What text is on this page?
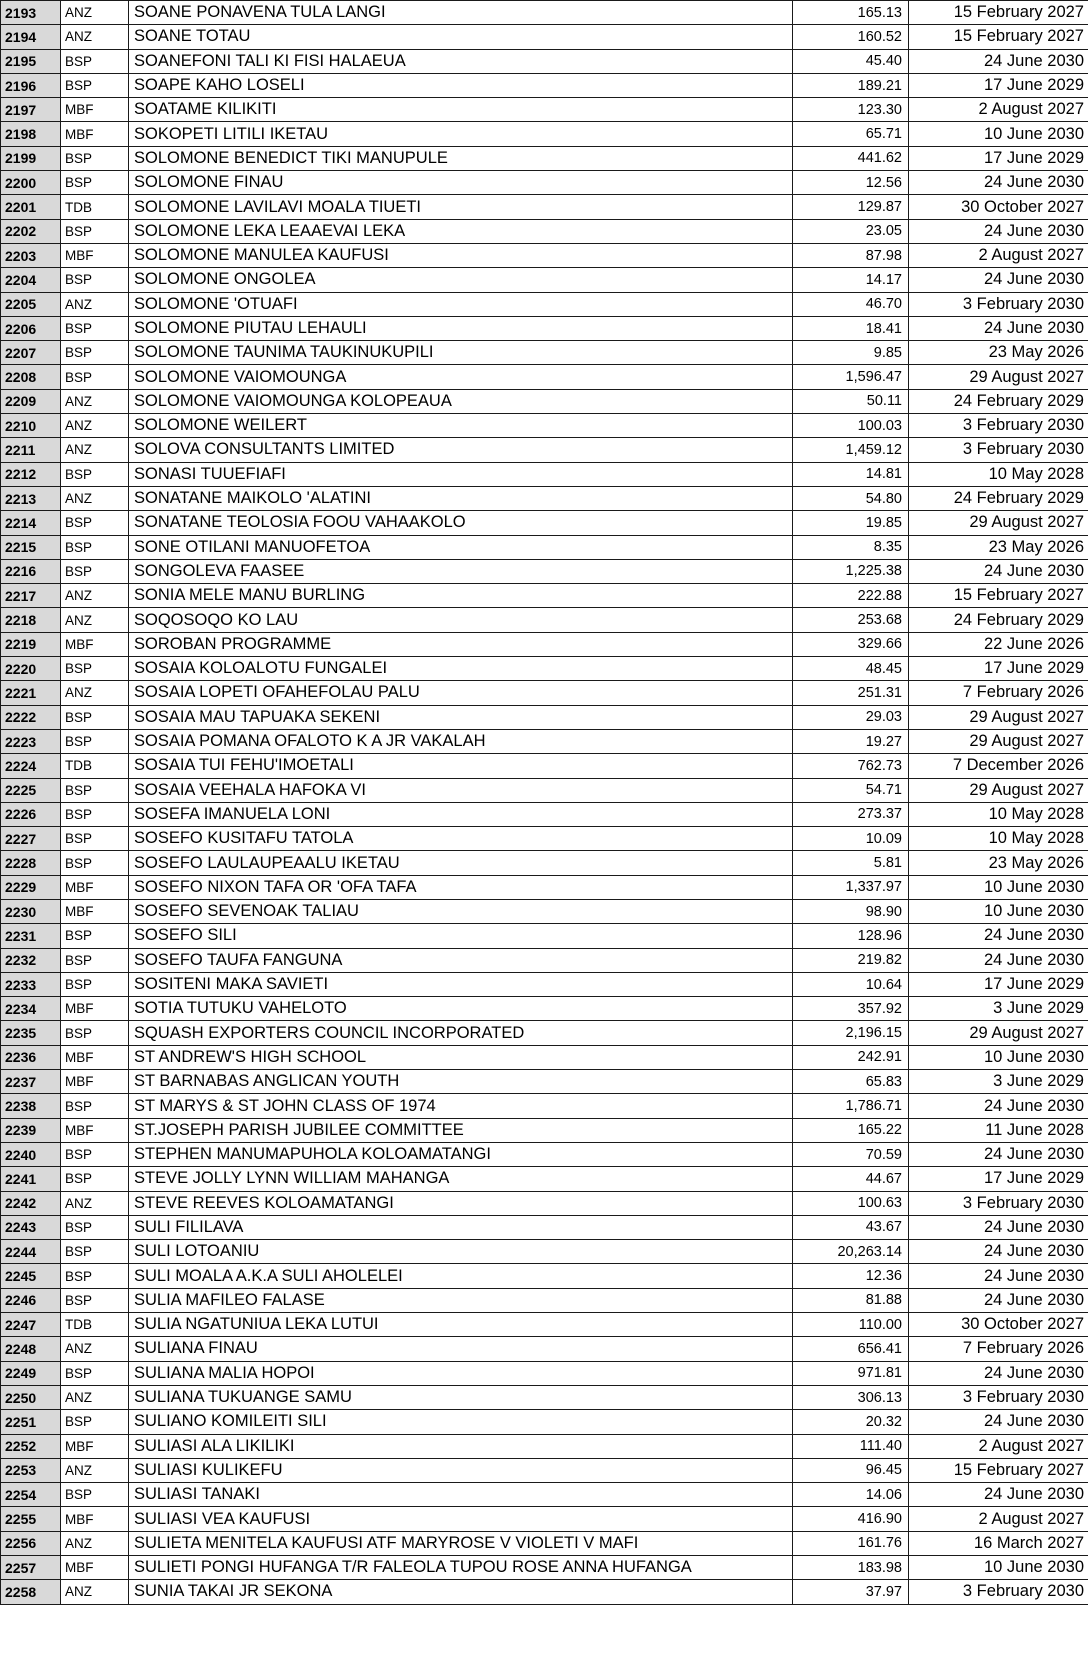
2193	ANZ	SOANE PONAVENA TULA LANGI	165.13	15 February 2027
2194	ANZ	SOANE TOTAU	160.52	15 February 2027
2195	BSP	SOANEFONI TALI KI FISI HALAEUA	45.40	24 June 2030
2196	BSP	SOAPE KAHO LOSELI	189.21	17 June 2029
2197	MBF	SOATAME KILIKITI	123.30	2 August 2027
2198	MBF	SOKOPETI LITILI IKETAU	65.71	10 June 2030
2199	BSP	SOLOMONE BENEDICT TIKI MANUPULE	441.62	17 June 2029
2200	BSP	SOLOMONE FINAU	12.56	24 June 2030
2201	TDB	SOLOMONE LAVILAVI MOALA TIUETI	129.87	30 October 2027
2202	BSP	SOLOMONE LEKA LEAAEVAI LEKA	23.05	24 June 2030
2203	MBF	SOLOMONE MANULEA KAUFUSI	87.98	2 August 2027
2204	BSP	SOLOMONE ONGOLEA	14.17	24 June 2030
2205	ANZ	SOLOMONE 'OTUAFI	46.70	3 February 2030
2206	BSP	SOLOMONE PIUTAU LEHAULI	18.41	24 June 2030
2207	BSP	SOLOMONE TAUNIMA TAUKINUKUPILI	9.85	23 May 2026
2208	BSP	SOLOMONE VAIOMOUNGA	1,596.47	29 August 2027
2209	ANZ	SOLOMONE VAIOMOUNGA KOLOPEAUA	50.11	24 February 2029
2210	ANZ	SOLOMONE WEILERT	100.03	3 February 2030
2211	ANZ	SOLOVA CONSULTANTS LIMITED	1,459.12	3 February 2030
2212	BSP	SONASI TUUEFIAFI	14.81	10 May 2028
2213	ANZ	SONATANE MAIKOLO 'ALATINI	54.80	24 February 2029
2214	BSP	SONATANE TEOLOSIA FOOU VAHAAKOLO	19.85	29 August 2027
2215	BSP	SONE OTILANI MANUOFETOA	8.35	23 May 2026
2216	BSP	SONGOLEVA FAASEE	1,225.38	24 June 2030
2217	ANZ	SONIA MELE MANU BURLING	222.88	15 February 2027
2218	ANZ	SOQOSOQO KO LAU	253.68	24 February 2029
2219	MBF	SOROBAN PROGRAMME	329.66	22 June 2026
2220	BSP	SOSAIA KOLOALOTU FUNGALEI	48.45	17 June 2029
2221	ANZ	SOSAIA LOPETI OFAHEFOLAU PALU	251.31	7 February 2026
2222	BSP	SOSAIA MAU TAPUAKA SEKENI	29.03	29 August 2027
2223	BSP	SOSAIA POMANA OFALOTO K A JR VAKALAH	19.27	29 August 2027
2224	TDB	SOSAIA TUI FEHU'IMOETALI	762.73	7 December 2026
2225	BSP	SOSAIA VEEHALA HAFOKA VI	54.71	29 August 2027
2226	BSP	SOSEFA IMANUELA LONI	273.37	10 May 2028
2227	BSP	SOSEFO KUSITAFU TATOLA	10.09	10 May 2028
2228	BSP	SOSEFO LAULAUPEAALU IKETAU	5.81	23 May 2026
2229	MBF	SOSEFO NIXON TAFA OR 'OFA TAFA	1,337.97	10 June 2030
2230	MBF	SOSEFO SEVENOAK TALIAU	98.90	10 June 2030
2231	BSP	SOSEFO SILI	128.96	24 June 2030
2232	BSP	SOSEFO TAUFA FANGUNA	219.82	24 June 2030
2233	BSP	SOSITENI MAKA SAVIETI	10.64	17 June 2029
2234	MBF	SOTIA TUTUKU VAHELOTO	357.92	3 June 2029
2235	BSP	SQUASH EXPORTERS COUNCIL INCORPORATED	2,196.15	29 August 2027
2236	MBF	ST ANDREW'S HIGH SCHOOL	242.91	10 June 2030
2237	MBF	ST BARNABAS ANGLICAN YOUTH	65.83	3 June 2029
2238	BSP	ST MARYS & ST JOHN CLASS OF 1974	1,786.71	24 June 2030
2239	MBF	ST.JOSEPH PARISH JUBILEE COMMITTEE	165.22	11 June 2028
2240	BSP	STEPHEN MANUMAPUHOLA KOLOAMATANGI	70.59	24 June 2030
2241	BSP	STEVE JOLLY LYNN WILLIAM MAHANGA	44.67	17 June 2029
2242	ANZ	STEVE REEVES KOLOAMATANGI	100.63	3 February 2030
2243	BSP	SULI FILILAVA	43.67	24 June 2030
2244	BSP	SULI LOTOANIU	20,263.14	24 June 2030
2245	BSP	SULI MOALA A.K.A SULI AHOLELEI	12.36	24 June 2030
2246	BSP	SULIA MAFILEO FALASE	81.88	24 June 2030
2247	TDB	SULIA NGATUNIUA LEKA LUTUI	110.00	30 October 2027
2248	ANZ	SULIANA FINAU	656.41	7 February 2026
2249	BSP	SULIANA MALIA HOPOI	971.81	24 June 2030
2250	ANZ	SULIANA TUKUANGE SAMU	306.13	3 February 2030
2251	BSP	SULIANO KOMILEITI SILI	20.32	24 June 2030
2252	MBF	SULIASI ALA LIKILIKI	111.40	2 August 2027
2253	ANZ	SULIASI KULIKEFU	96.45	15 February 2027
2254	BSP	SULIASI TANAKI	14.06	24 June 2030
2255	MBF	SULIASI VEA KAUFUSI	416.90	2 August 2027
2256	ANZ	SULIETA MENITELA KAUFUSI ATF MARYROSE V VIOLETI V MAFI	161.76	16 March 2027
2257	MBF	SULIETI PONGI HUFANGA T/R FALEOLA TUPOU ROSE ANNA HUFANGA	183.98	10 June 2030
2258	ANZ	SUNIA TAKAI JR SEKONA	37.97	3 February 2030
